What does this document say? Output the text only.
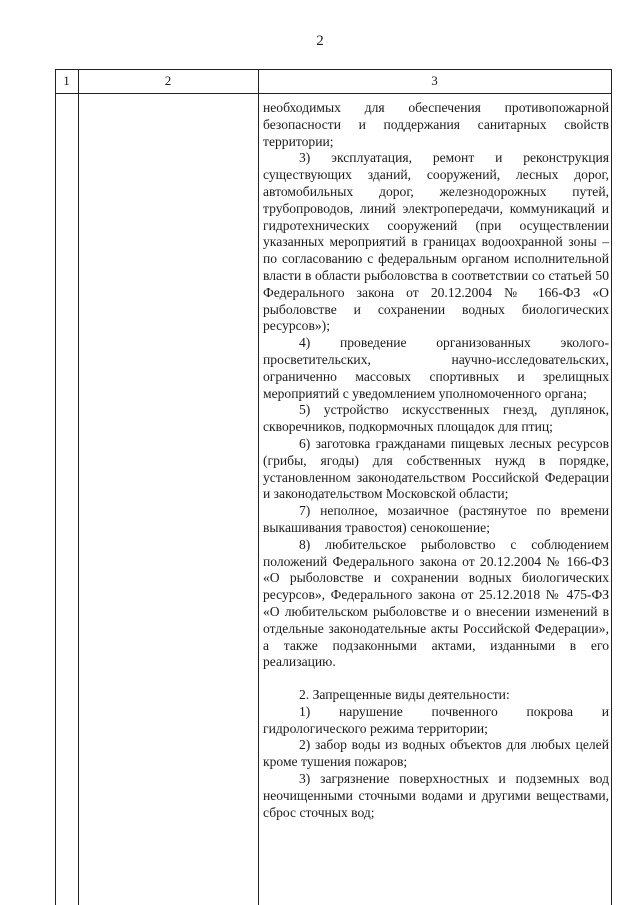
2
1	2	3

необходимых для обеспечения противопожарной безопасности и поддержания санитарных свойств территории;

3) эксплуатация, ремонт и реконструкция существующих зданий, сооружений, лесных дорог, автомобильных дорог, железнодорожных путей, трубопроводов, линий электропередачи, коммуникаций и гидротехнических сооружений (при осуществлении указанных мероприятий в границах водоохранной зоны – по согласованию с федеральным органом исполнительной власти в области рыболовства в соответствии со статьей 50 Федерального закона от 20.12.2004 № 166-ФЗ «О рыболовстве и сохранении водных биологических ресурсов»);

4) проведение организованных эколого-просветительских, научно-исследовательских, ограниченно массовых спортивных и зрелищных мероприятий с уведомлением уполномоченного органа;

5) устройство искусственных гнезд, дуплянок, скворечников, подкормочных площадок для птиц;

6) заготовка гражданами пищевых лесных ресурсов (грибы, ягоды) для собственных нужд в порядке, установленном законодательством Российской Федерации и законодательством Московской области;

7) неполное, мозаичное (растянутое по времени выкашивания травостоя) сенокошение;

8) любительское рыболовство с соблюдением положений Федерального закона от 20.12.2004 № 166-ФЗ «О рыболовстве и сохранении водных биологических ресурсов», Федерального закона от 25.12.2018 № 475-ФЗ «О любительском рыболовстве и о внесении изменений в отдельные законодательные акты Российской Федерации», а также подзаконными актами, изданными в его реализацию.

2. Запрещенные виды деятельности:

1) нарушение почвенного покрова и гидрологического режима территории;

2) забор воды из водных объектов для любых целей кроме тушения пожаров;

3) загрязнение поверхностных и подземных вод неочищенными сточными водами и другими веществами, сброс сточных вод;
